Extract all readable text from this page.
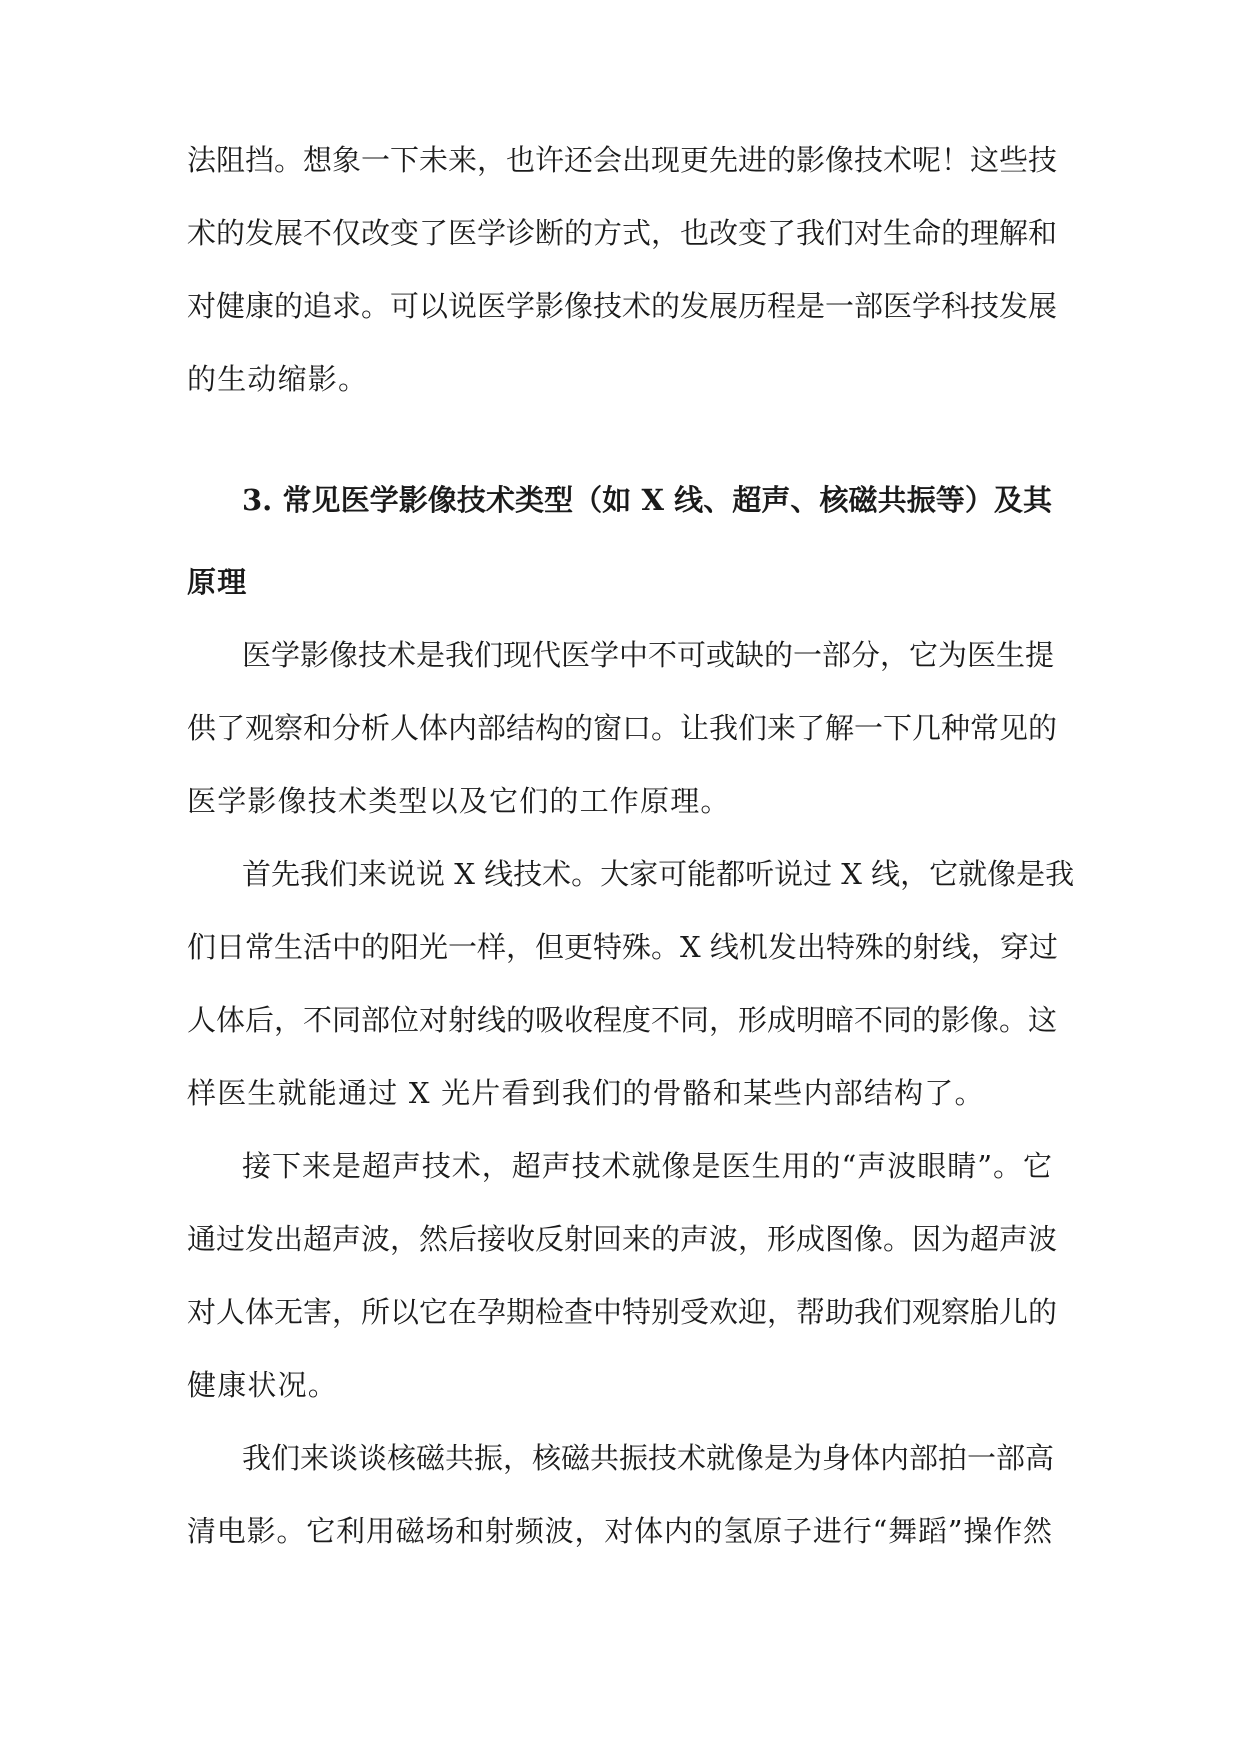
法阻挡。想象一下未来，也许还会出现更先进的影像技术呢！这些技
术的发展不仅改变了医学诊断的方式，也改变了我们对生命的理解和
对健康的追求。可以说医学影像技术的发展历程是一部医学科技发展
的生动缩影。
3. 常见医学影像技术类型（如 X 线、超声、核磁共振等）及其
原理
医学影像技术是我们现代医学中不可或缺的一部分，它为医生提
供了观察和分析人体内部结构的窗口。让我们来了解一下几种常见的
医学影像技术类型以及它们的工作原理。
首先我们来说说 X 线技术。大家可能都听说过 X 线，它就像是我
们日常生活中的阳光一样，但更特殊。X 线机发出特殊的射线，穿过
人体后，不同部位对射线的吸收程度不同，形成明暗不同的影像。这
样医生就能通过 X 光片看到我们的骨骼和某些内部结构了。
接下来是超声技术，超声技术就像是医生用的“声波眼睛”。它
通过发出超声波，然后接收反射回来的声波，形成图像。因为超声波
对人体无害，所以它在孕期检查中特别受欢迎，帮助我们观察胎儿的
健康状况。
我们来谈谈核磁共振，核磁共振技术就像是为身体内部拍一部高
清电影。它利用磁场和射频波，对体内的氢原子进行“舞蹈”操作然
